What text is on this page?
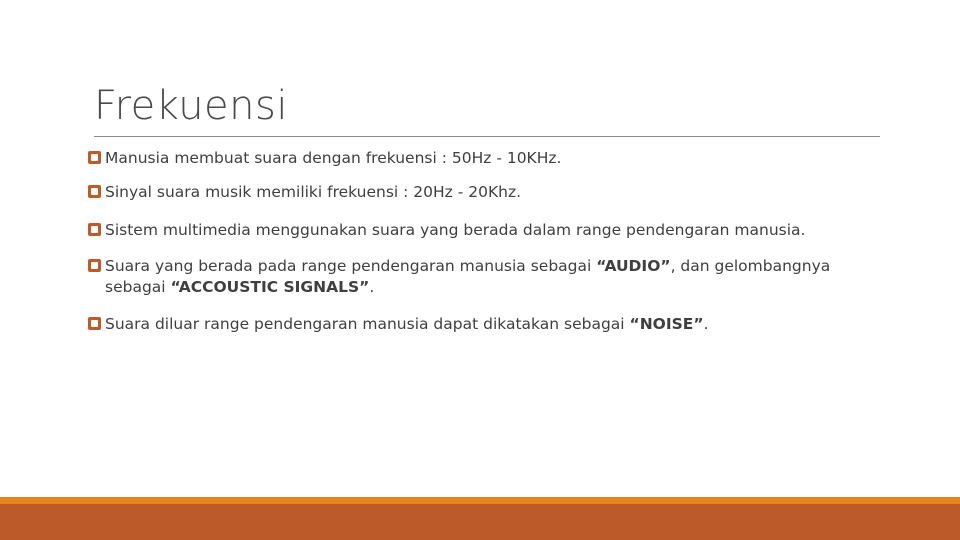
Frekuensi
Manusia membuat suara dengan frekuensi : 50Hz - 10KHz.
Sinyal suara musik memiliki frekuensi : 20Hz - 20Khz.
Sistem multimedia menggunakan suara yang berada dalam range pendengaran manusia.
Suara yang berada pada range pendengaran manusia sebagai “AUDIO”, dan gelombangnya
sebagai “ACCOUSTIC SIGNALS”.
Suara diluar range pendengaran manusia dapat dikatakan sebagai “NOISE”.
